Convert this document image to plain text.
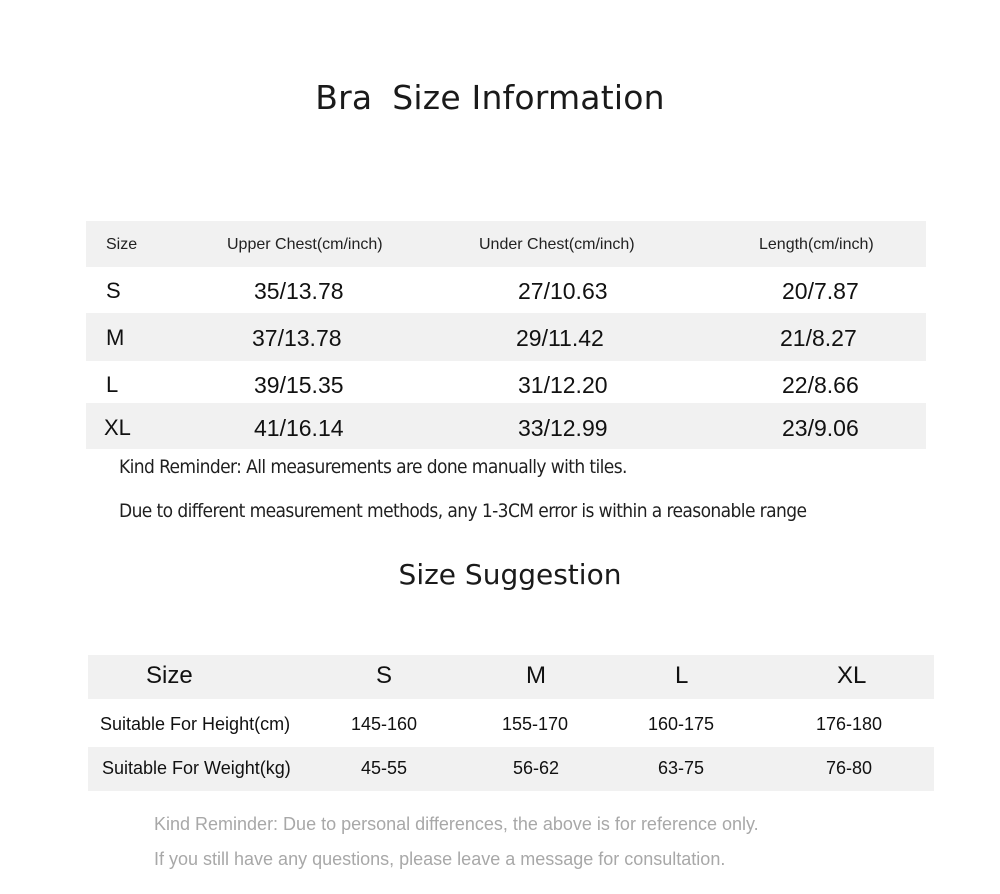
Bra Size Information
Size	Upper Chest(cm/inch)	Under Chest(cm/inch)	Length(cm/inch)
S	35/13.78	27/10.63	20/7.87
M	37/13.78	29/11.42	21/8.27
L	39/15.35	31/12.20	22/8.66
XL	41/16.14	33/12.99	23/9.06
Kind Reminder: All measurements are done manually with tiles.
Due to different measurement methods, any 1-3CM error is within a reasonable range
Size Suggestion
Size	S	M	L	XL
Suitable For Height(cm)	145-160	155-170	160-175	176-180
Suitable For Weight(kg)	45-55	56-62	63-75	76-80
Kind Reminder: Due to personal differences, the above is for reference only.
If you still have any questions, please leave a message for consultation.
